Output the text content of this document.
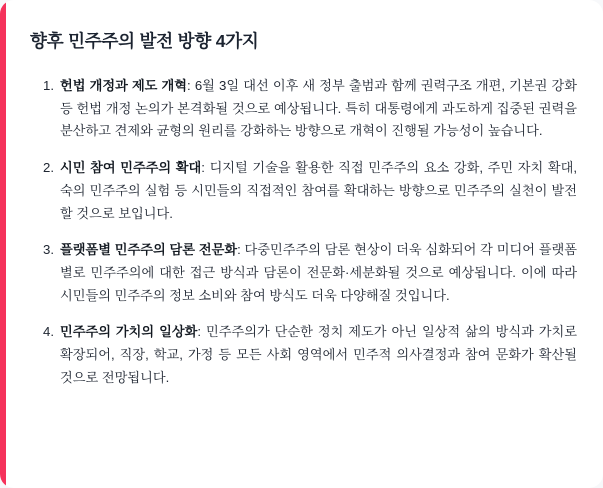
향후 민주주의 발전 방향 4가지
헌법 개정과 제도 개혁: 6월 3일 대선 이후 새 정부 출범과 함께 권력구조 개편, 기본권 강화 등 헌법 개정 논의가 본격화될 것으로 예상됩니다. 특히 대통령에게 과도하게 집중된 권력을 분산하고 견제와 균형의 원리를 강화하는 방향으로 개혁이 진행될 가능성이 높습니다.
시민 참여 민주주의 확대: 디지털 기술을 활용한 직접 민주주의 요소 강화, 주민 자치 확대, 숙의 민주주의 실험 등 시민들의 직접적인 참여를 확대하는 방향으로 민주주의 실천이 발전할 것으로 보입니다.
플랫폼별 민주주의 담론 전문화: 다중민주주의 담론 현상이 더욱 심화되어 각 미디어 플랫폼별로 민주주의에 대한 접근 방식과 담론이 전문화·세분화될 것으로 예상됩니다. 이에 따라 시민들의 민주주의 정보 소비와 참여 방식도 더욱 다양해질 것입니다.
민주주의 가치의 일상화: 민주주의가 단순한 정치 제도가 아닌 일상적 삶의 방식과 가치로 확장되어, 직장, 학교, 가정 등 모든 사회 영역에서 민주적 의사결정과 참여 문화가 확산될 것으로 전망됩니다.
